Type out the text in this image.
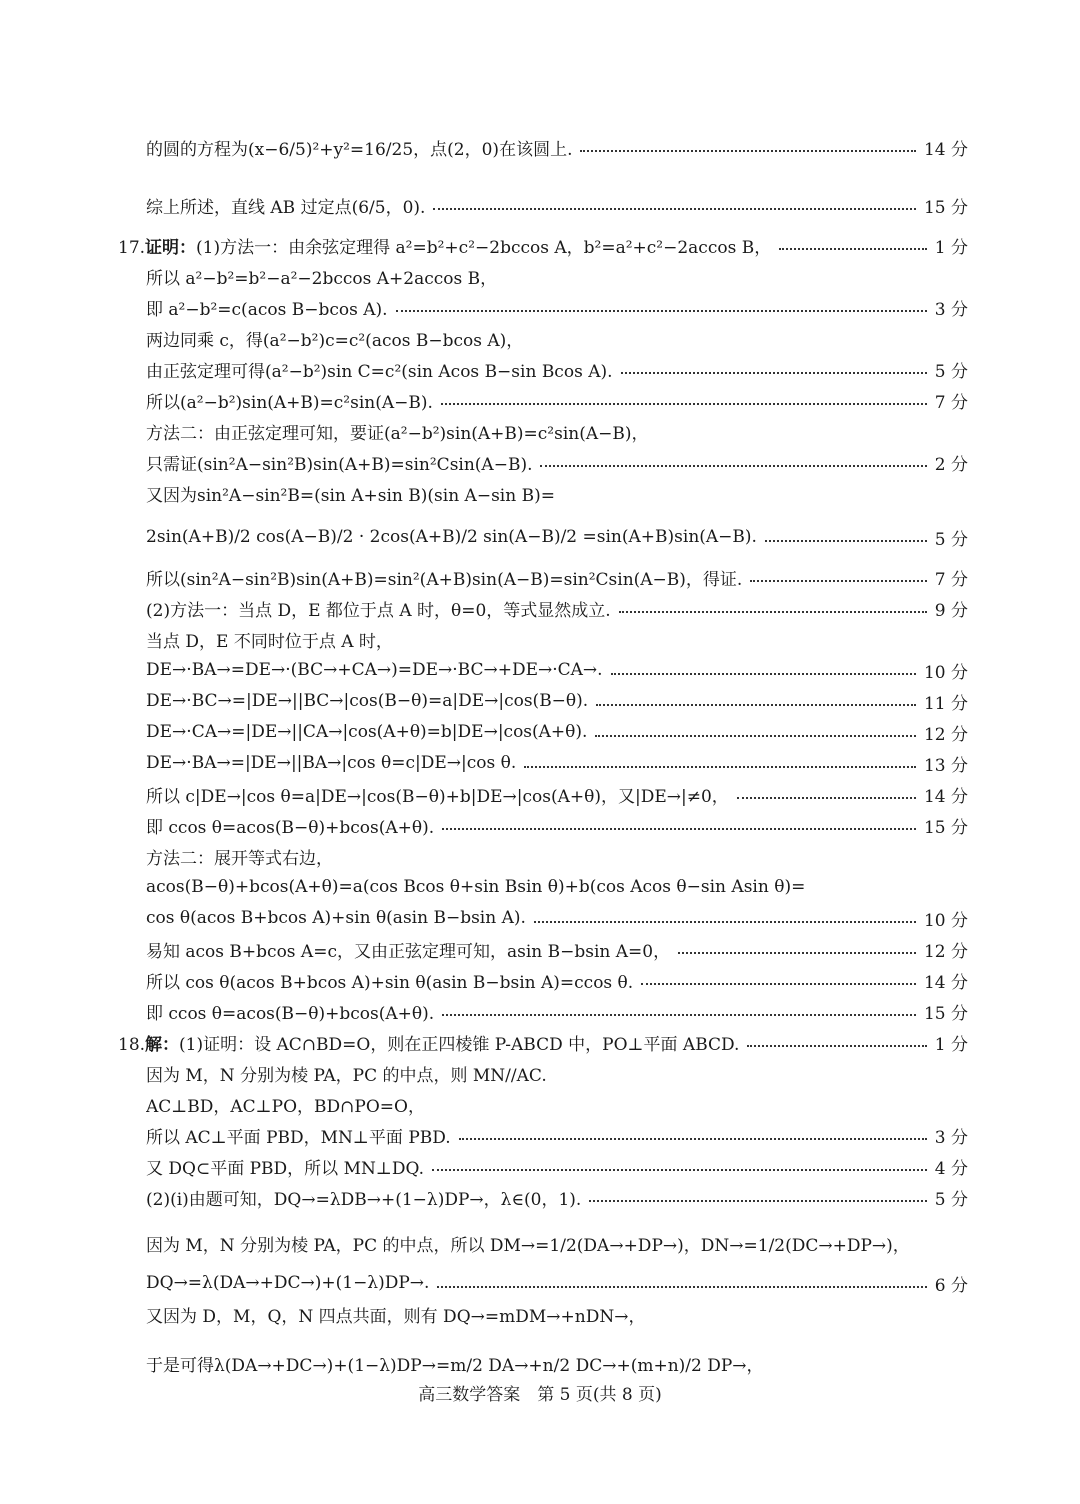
的圆的方程为(x−6/5)²+y²=16/25，点(2，0)在该圆上.	14 分
综上所述，直线 AB 过定点(6/5，0).	15 分
17.证明：(1)方法一：由余弦定理得 a²=b²+c²−2bccos A，b²=a²+c²−2accos B，	1 分
所以 a²−b²=b²−a²−2bccos A+2accos B，
即 a²−b²=c(acos B−bcos A).	3 分
两边同乘 c，得(a²−b²)c=c²(acos B−bcos A)，
由正弦定理可得(a²−b²)sin C=c²(sin Acos B−sin Bcos A).	5 分
所以(a²−b²)sin(A+B)=c²sin(A−B).	7 分
方法二：由正弦定理可知，要证(a²−b²)sin(A+B)=c²sin(A−B)，
只需证(sin²A−sin²B)sin(A+B)=sin²Csin(A−B).	2 分
又因为sin²A−sin²B=(sin A+sin B)(sin A−sin B)=
2sin(A+B)/2 cos(A−B)/2 · 2cos(A+B)/2 sin(A−B)/2 =sin(A+B)sin(A−B).	5 分
所以(sin²A−sin²B)sin(A+B)=sin²(A+B)sin(A−B)=sin²Csin(A−B)，得证.	7 分
(2)方法一：当点 D，E 都位于点 A 时，θ=0，等式显然成立.	9 分
当点 D，E 不同时位于点 A 时，
DE→·BA→=DE→·(BC→+CA→)=DE→·BC→+DE→·CA→.	10 分
DE→·BC→=|DE→||BC→|cos(B−θ)=a|DE→|cos(B−θ).	11 分
DE→·CA→=|DE→||CA→|cos(A+θ)=b|DE→|cos(A+θ).	12 分
DE→·BA→=|DE→||BA→|cos θ=c|DE→|cos θ.	13 分
所以 c|DE→|cos θ=a|DE→|cos(B−θ)+b|DE→|cos(A+θ)，又|DE→|≠0，	14 分
即 ccos θ=acos(B−θ)+bcos(A+θ).	15 分
方法二：展开等式右边，
acos(B−θ)+bcos(A+θ)=a(cos Bcos θ+sin Bsin θ)+b(cos Acos θ−sin Asin θ)=
cos θ(acos B+bcos A)+sin θ(asin B−bsin A).	10 分
易知 acos B+bcos A=c，又由正弦定理可知，asin B−bsin A=0，	12 分
所以 cos θ(acos B+bcos A)+sin θ(asin B−bsin A)=ccos θ.	14 分
即 ccos θ=acos(B−θ)+bcos(A+θ).	15 分
18.解：(1)证明：设 AC∩BD=O，则在正四棱锥 P-ABCD 中，PO⊥平面 ABCD.	1 分
因为 M，N 分别为棱 PA，PC 的中点，则 MN//AC.
AC⊥BD，AC⊥PO，BD∩PO=O，
所以 AC⊥平面 PBD，MN⊥平面 PBD.	3 分
又 DQ⊂平面 PBD，所以 MN⊥DQ.	4 分
(2)(i)由题可知，DQ→=λDB→+(1−λ)DP→，λ∈(0，1).	5 分
因为 M，N 分别为棱 PA，PC 的中点，所以 DM→=1/2(DA→+DP→)，DN→=1/2(DC→+DP→)，
DQ→=λ(DA→+DC→)+(1−λ)DP→.	6 分
又因为 D，M，Q，N 四点共面，则有 DQ→=mDM→+nDN→，
于是可得λ(DA→+DC→)+(1−λ)DP→=m/2 DA→+n/2 DC→+(m+n)/2 DP→，
高三数学答案　第 5 页(共 8 页)
